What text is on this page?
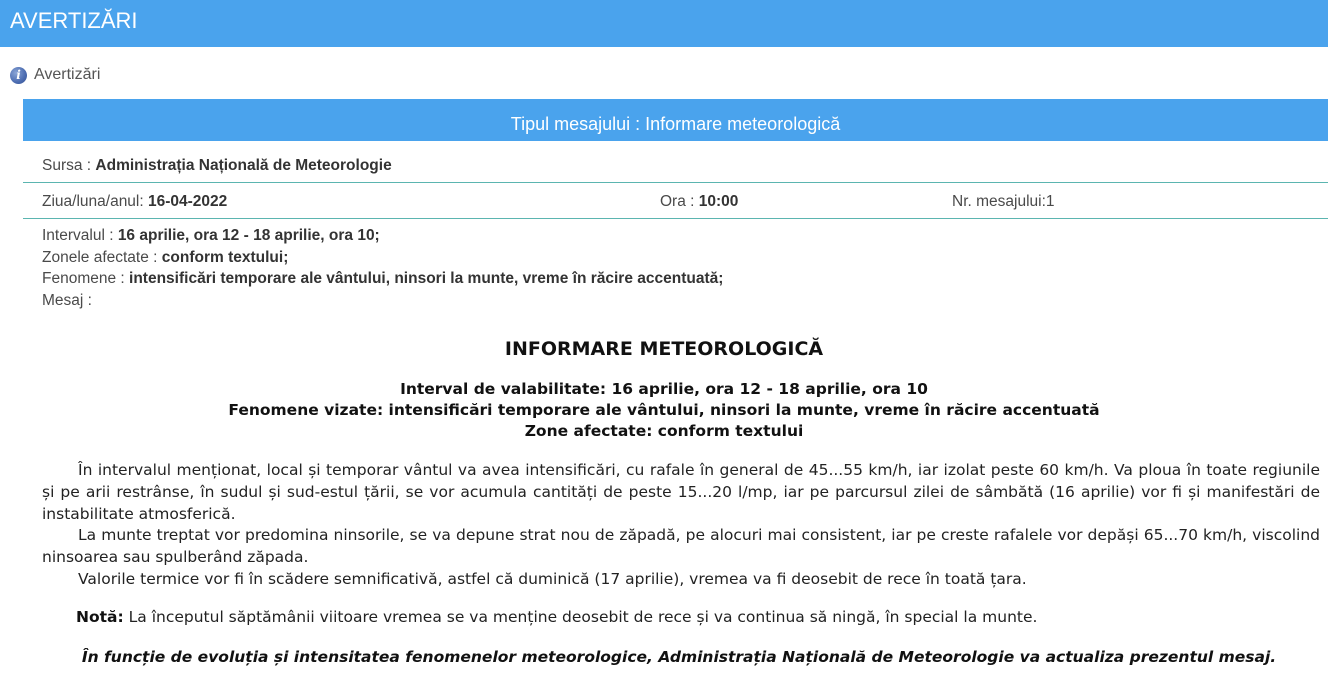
AVERTIZĂRI
i Avertizări
Tipul mesajului : Informare meteorologică
Sursa : Administrația Națională de Meteorologie
Ziua/luna/anul: 16-04-2022	Ora : 10:00	Nr. mesajului:1
Intervalul : 16 aprilie, ora 12 - 18 aprilie, ora 10;
Zonele afectate : conform textului;
Fenomene : intensificări temporare ale vântului, ninsori la munte, vreme în răcire accentuată;
Mesaj :
INFORMARE METEOROLOGICĂ
Interval de valabilitate: 16 aprilie, ora 12 - 18 aprilie, ora 10
Fenomene vizate: intensificări temporare ale vântului, ninsori la munte, vreme în răcire accentuată
Zone afectate: conform textului

În intervalul menționat, local și temporar vântul va avea intensificări, cu rafale în general de 45...55 km/h, iar izolat peste 60 km/h. Va ploua în toate regiunile și pe arii restrânse, în sudul și sud-estul țării, se vor acumula cantități de peste 15...20 l/mp, iar pe parcursul zilei de sâmbătă (16 aprilie) vor fi și manifestări de instabilitate atmosferică.

La munte treptat vor predomina ninsorile, se va depune strat nou de zăpadă, pe alocuri mai consistent, iar pe creste rafalele vor depăși 65...70 km/h, viscolind ninsoarea sau spulberând zăpada.

Valorile termice vor fi în scădere semnificativă, astfel că duminică (17 aprilie), vremea va fi deosebit de rece în toată țara.

Notă: La începutul săptămânii viitoare vremea se va menține deosebit de rece și va continua să ningă, în special la munte.
În funcție de evoluția și intensitatea fenomenelor meteorologice, Administrația Națională de Meteorologie va actualiza prezentul mesaj.
